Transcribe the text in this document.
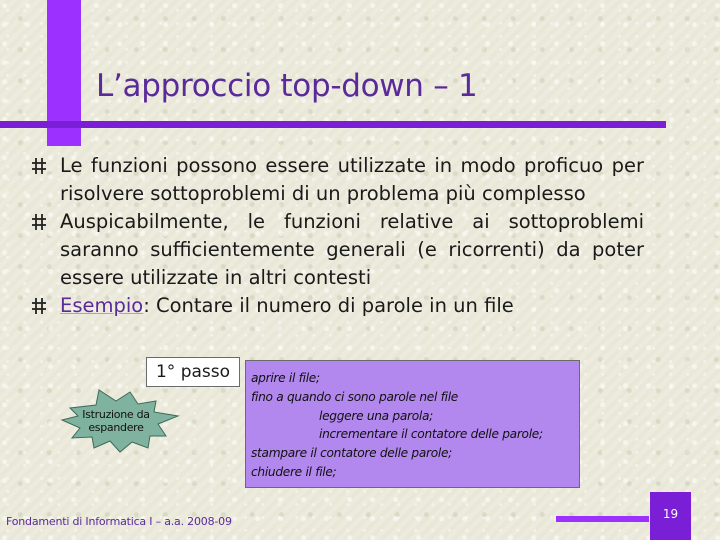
L’approccio top-down – 1
Le funzioni possono essere utilizzate in modo proficuo per risolvere sottoproblemi di un problema più complesso
Auspicabilmente, le funzioni relative ai sottoproblemi saranno sufficientemente generali (e ricorrenti) da poter essere utilizzate in altri contesti
Esempio: Contare il numero di parole in un file
1° passo
Istruzione da espandere
aprire il file;
fino a quando ci sono parole nel file
leggere una parola;
incrementare il contatore delle parole;
stampare il contatore delle parole;
chiudere il file;
Fondamenti di Informatica I – a.a. 2008-09
19
